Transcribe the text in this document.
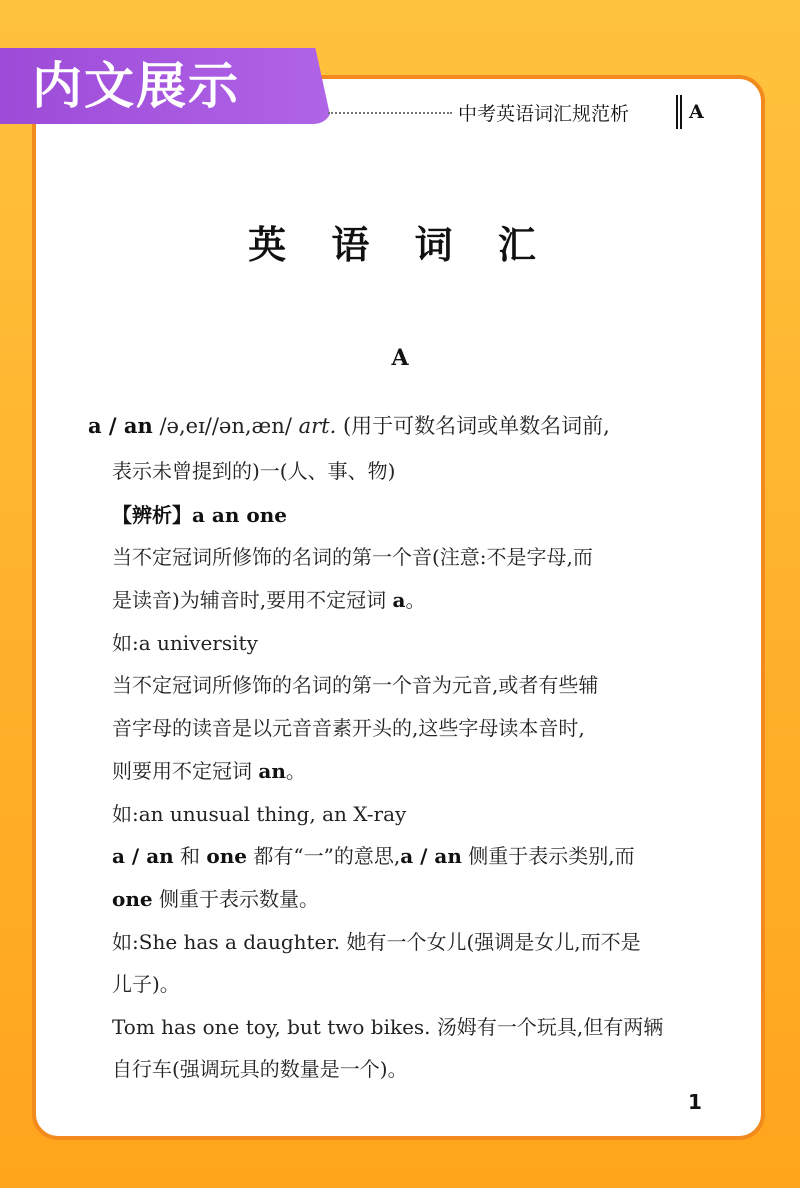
内文展示	中考英语词汇规范析	A
英 语 词 汇
A
a / an /ə,eɪ//ən,æn/ art. (用于可数名词或单数名词前,
表示未曾提到的)一(人、事、物)
【辨析】a an one
当不定冠词所修饰的名词的第一个音(注意:不是字母,而
是读音)为辅音时,要用不定冠词 a。
如:a university
当不定冠词所修饰的名词的第一个音为元音,或者有些辅
音字母的读音是以元音音素开头的,这些字母读本音时,
则要用不定冠词 an。
如:an unusual thing, an X-ray
a / an 和 one 都有“一”的意思,a / an 侧重于表示类别,而
one 侧重于表示数量。
如:She has a daughter. 她有一个女儿(强调是女儿,而不是
儿子)。
Tom has one toy, but two bikes. 汤姆有一个玩具,但有两辆
自行车(强调玩具的数量是一个)。
1
